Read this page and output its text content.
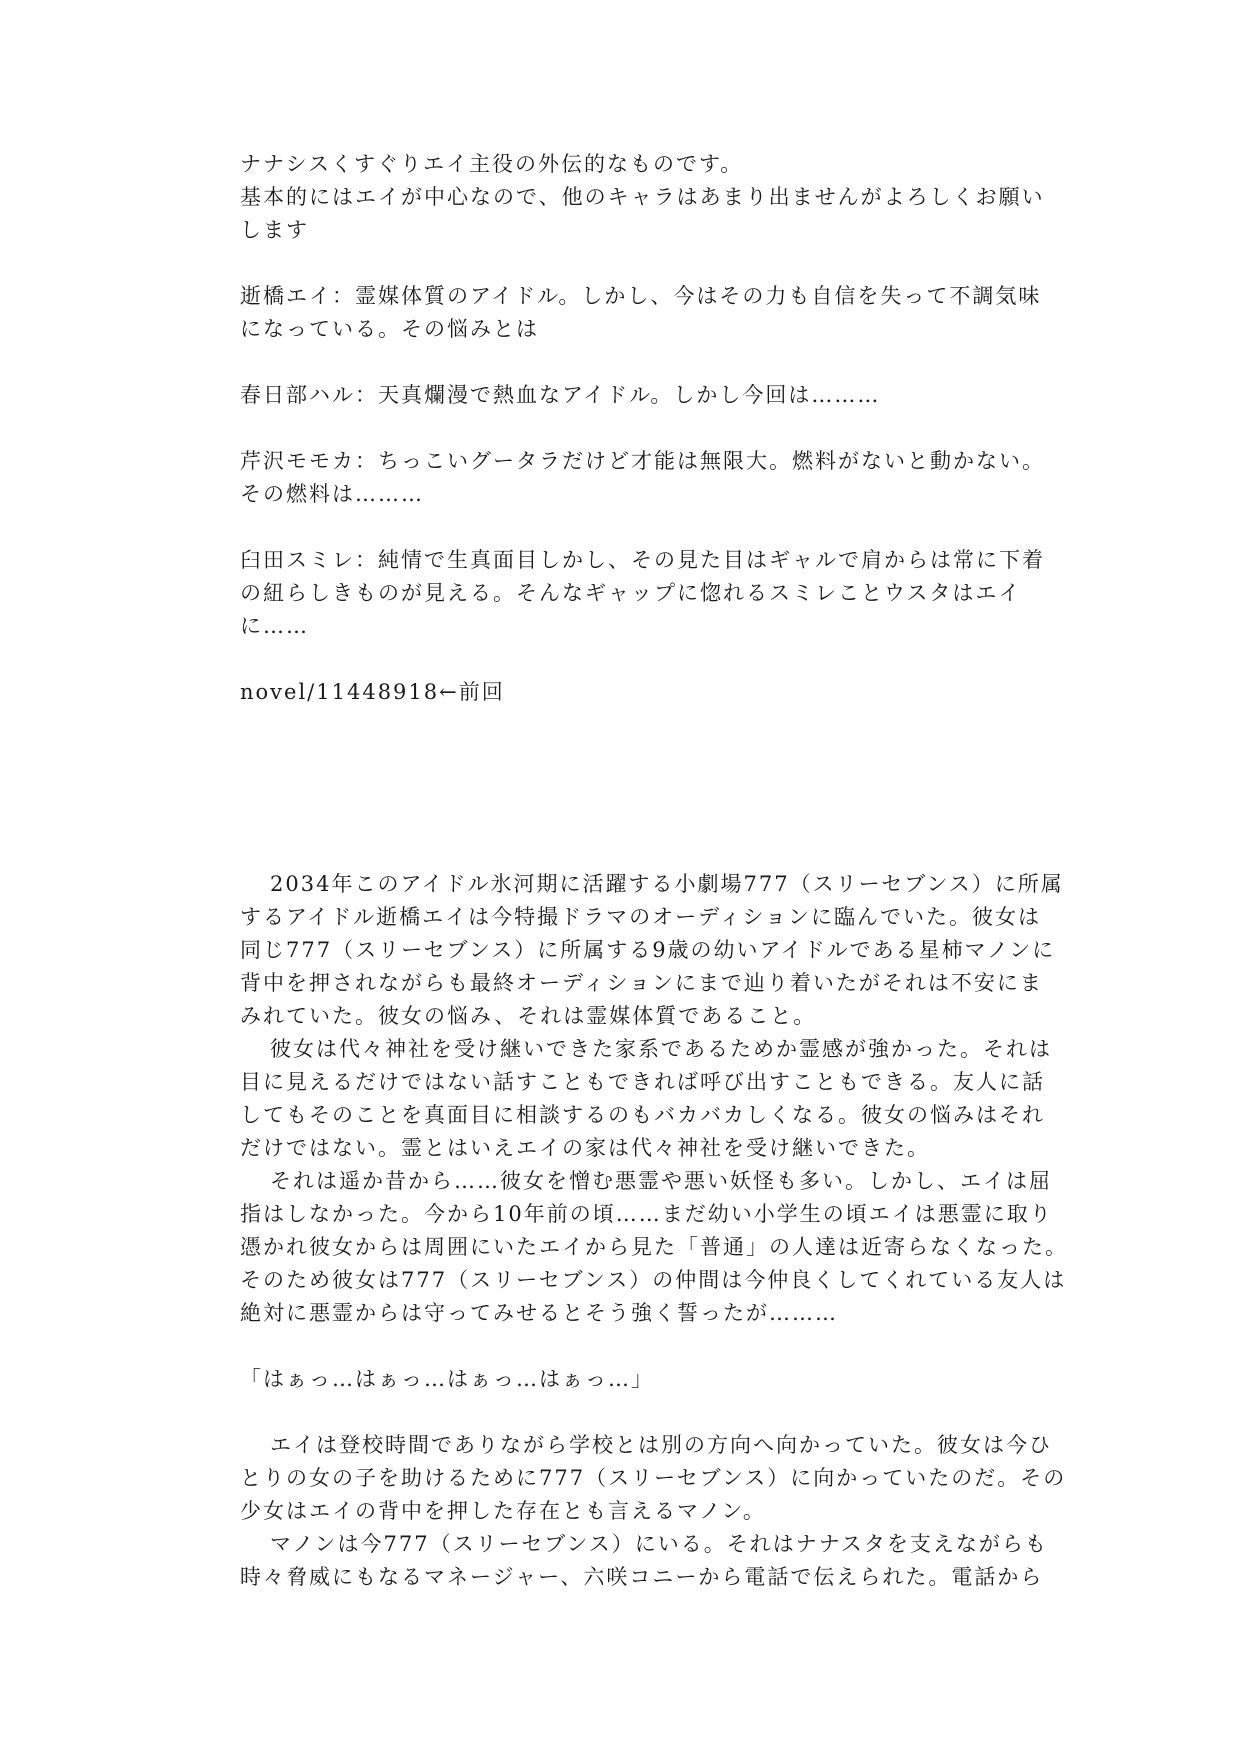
ナナシスくすぐりエイ主役の外伝的なものです。
基本的にはエイが中心なので、他のキャラはあまり出ませんがよろしくお願い
します
逝橋エイ：霊媒体質のアイドル。しかし、今はその力も自信を失って不調気味
になっている。その悩みとは
春日部ハル：天真爛漫で熱血なアイドル。しかし今回は………
芹沢モモカ：ちっこいグータラだけど才能は無限大。燃料がないと動かない。
その燃料は………
臼田スミレ：純情で生真面目しかし、その見た目はギャルで肩からは常に下着
の紐らしきものが見える。そんなギャップに惚れるスミレことウスタはエイ
に……
novel/11448918←前回
2034年このアイドル氷河期に活躍する小劇場777（スリーセブンス）に所属
するアイドル逝橋エイは今特撮ドラマのオーディションに臨んでいた。彼女は
同じ777（スリーセブンス）に所属する9歳の幼いアイドルである星柿マノンに
背中を押されながらも最終オーディションにまで辿り着いたがそれは不安にま
みれていた。彼女の悩み、それは霊媒体質であること。
彼女は代々神社を受け継いできた家系であるためか霊感が強かった。それは
目に見えるだけではない話すこともできれば呼び出すこともできる。友人に話
してもそのことを真面目に相談するのもバカバカしくなる。彼女の悩みはそれ
だけではない。霊とはいえエイの家は代々神社を受け継いできた。
それは遥か昔から……彼女を憎む悪霊や悪い妖怪も多い。しかし、エイは屈
指はしなかった。今から10年前の頃……まだ幼い小学生の頃エイは悪霊に取り
憑かれ彼女からは周囲にいたエイから見た「普通」の人達は近寄らなくなった。
そのため彼女は777（スリーセブンス）の仲間は今仲良くしてくれている友人は
絶対に悪霊からは守ってみせるとそう強く誓ったが………
「はぁっ…はぁっ…はぁっ…はぁっ…」
エイは登校時間でありながら学校とは別の方向へ向かっていた。彼女は今ひ
とりの女の子を助けるために777（スリーセブンス）に向かっていたのだ。その
少女はエイの背中を押した存在とも言えるマノン。
マノンは今777（スリーセブンス）にいる。それはナナスタを支えながらも
時々脅威にもなるマネージャー、六咲コニーから電話で伝えられた。電話から
